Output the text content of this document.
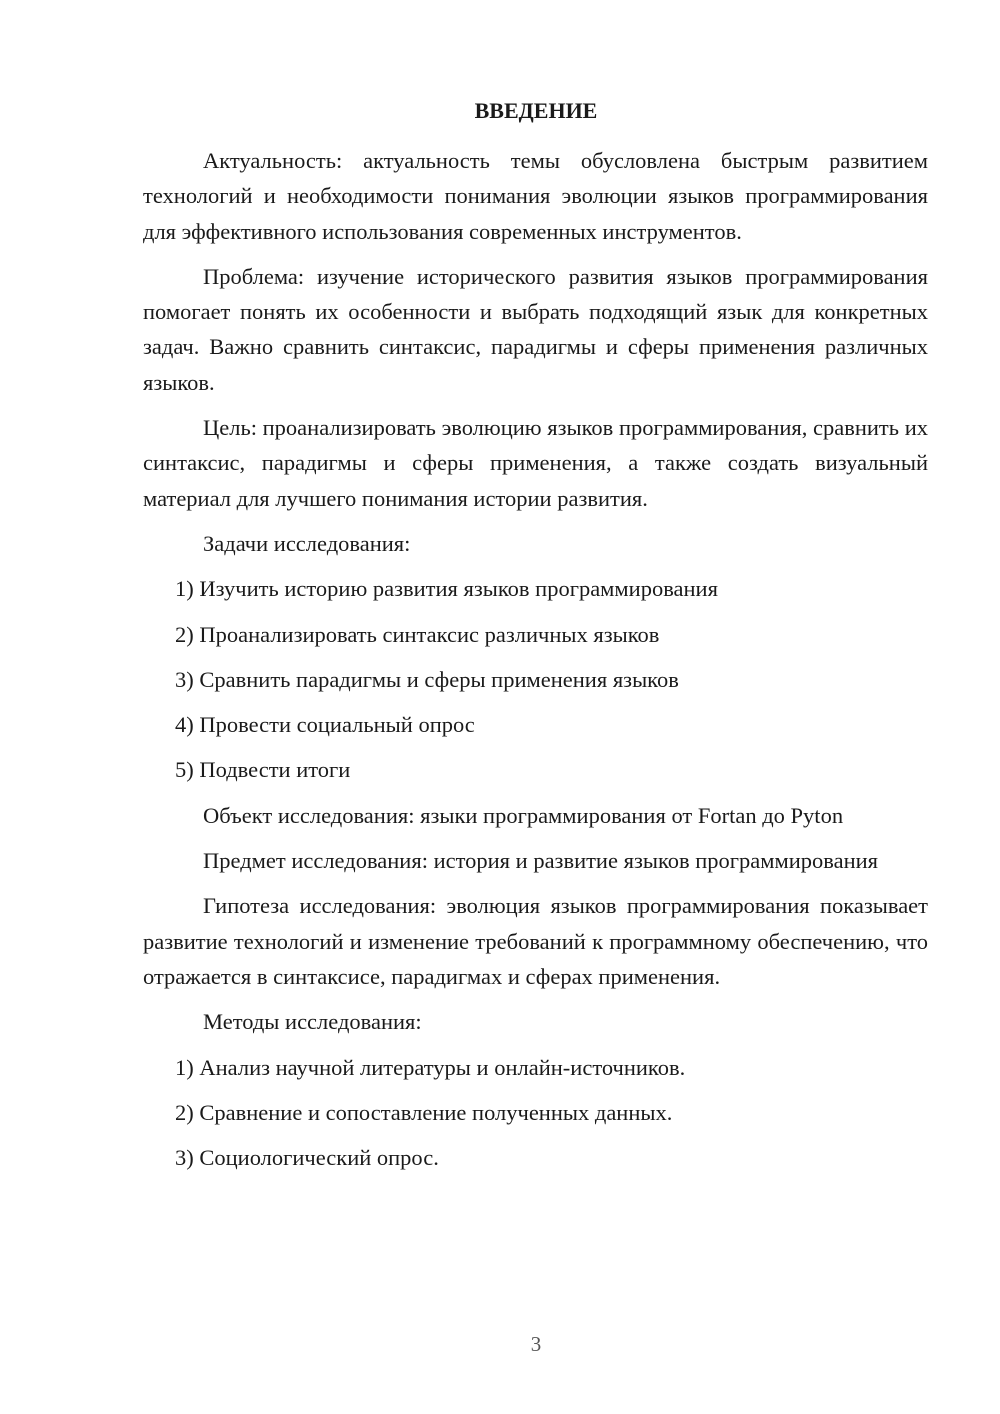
ВВЕДЕНИЕ

Актуальность: актуальность темы обусловлена быстрым развитием технологий и необходимости понимания эволюции языков программирования для эффективного использования современных инструментов.

Проблема: изучение исторического развития языков программирования помогает понять их особенности и выбрать подходящий язык для конкретных задач. Важно сравнить синтаксис, парадигмы и сферы применения различных языков.

Цель: проанализировать эволюцию языков программирования, сравнить их синтаксис, парадигмы и сферы применения, а также создать визуальный материал для лучшего понимания истории развития.

Задачи исследования:

1) Изучить историю развития языков программирования

2) Проанализировать синтаксис различных языков

3) Сравнить парадигмы и сферы применения языков

4) Провести социальный опрос

5) Подвести итоги

Объект исследования: языки программирования от Fortan до Pyton

Предмет исследования: история и развитие языков программирования

Гипотеза исследования: эволюция языков программирования показывает развитие технологий и изменение требований к программному обеспечению, что отражается в синтаксисе, парадигмах и сферах применения.

Методы исследования:

1) Анализ научной литературы и онлайн-источников.

2) Сравнение и сопоставление полученных данных.

3) Социологический опрос.

3
